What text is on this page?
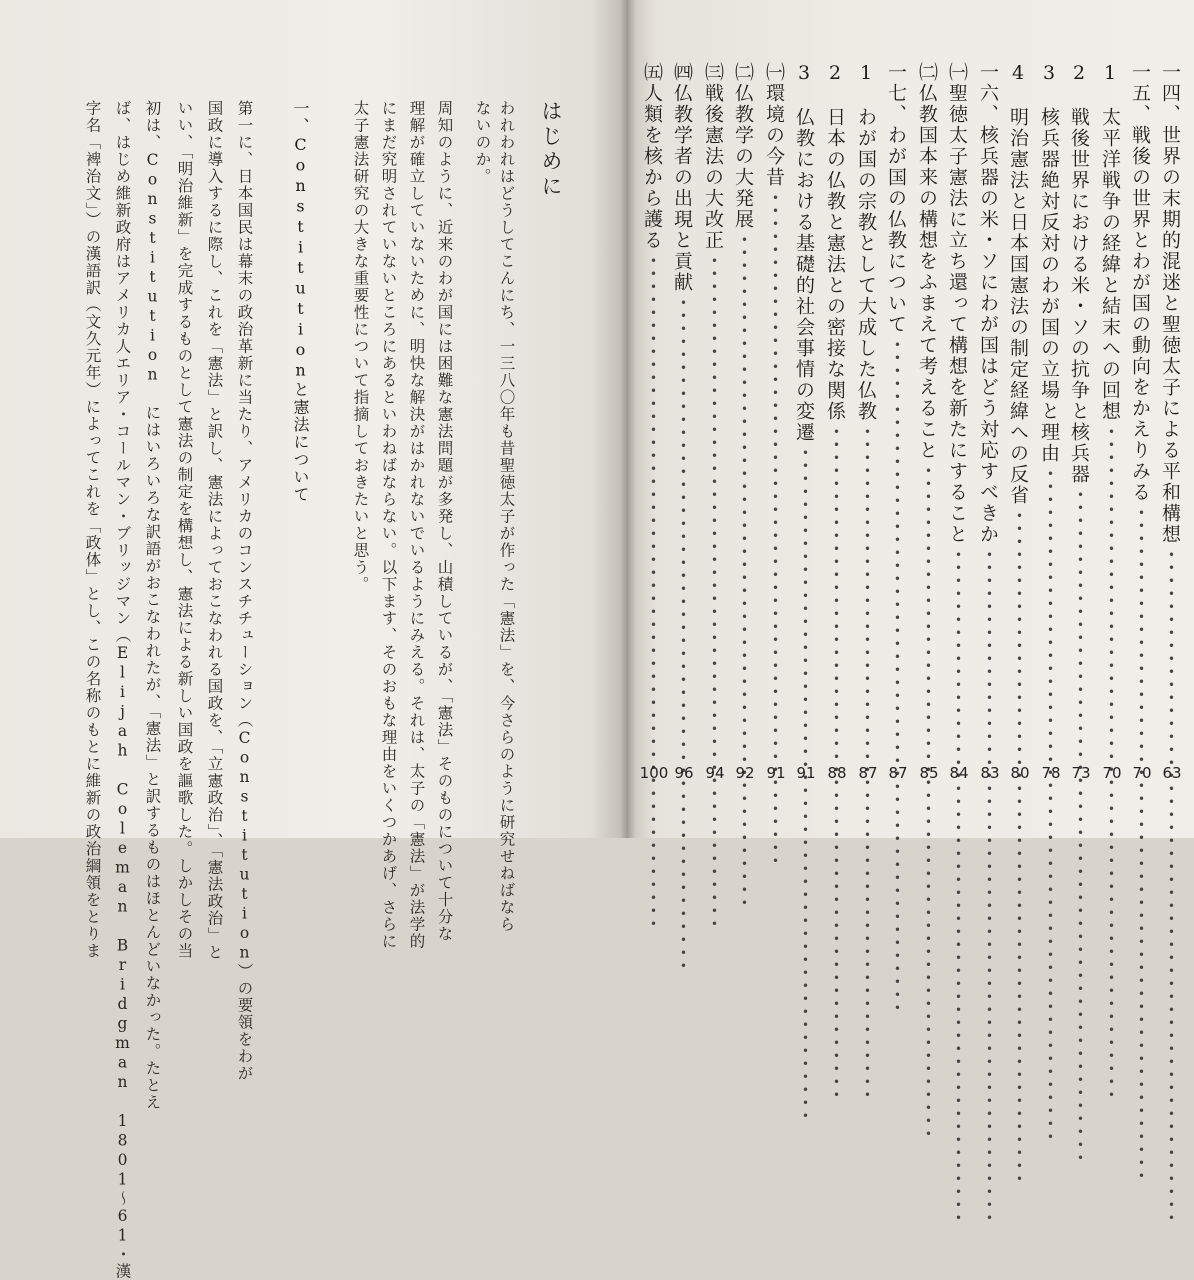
はじめに
われわれはどうしてこんにち、一三八〇年も昔聖徳太子が作った「憲法」を、今さらのように研究せねばなら
ないのか。
周知のように、近来のわが国には困難な憲法問題が多発し、山積しているが、「憲法」そのものについて十分な
理解が確立していないために、明快な解決がはかれないでいるようにみえる。それは、太子の「憲法」が法学的
にまだ究明されていないところにあるといわねばならない。以下ます、そのおもな理由をいくつかあげ、さらに
太子憲法研究の大きな重要性について指摘しておきたいと思う。
一、Constitutionと憲法について
第一に、日本国民は幕末の政治革新に当たり、アメリカのコンスチチューション（Constitution）の要領をわが
国政に導入するに際し、これを「憲法」と訳し、憲法によっておこなわれる国政を、「立憲政治」、「憲法政治」と
いい、「明治維新」を完成するものとして憲法の制定を構想し、憲法による新しい国政を謳歌した。しかしその当
初は、Constitution にはいろいろな訳語がおこなわれたが、「憲法」と訳するものはほとんどいなかった。たとえ
ば、はじめ維新政府はアメリカ人エリア・コールマン・ブリッジマン（Elijah Coleman Bridgman 1801〜61・漢
字名「裨治文」）の漢語訳（文久元年）によってこれを「政体」とし、この名称のもとに維新の政治綱領をとりま	一四、世界の末期的混迷と聖徳太子による平和構想 ・・・・・・・・・・・・・・・・・・・・・・・・・・・・・・・・・・・・・・・・・・・・・・・・・・・・
63
一五、戦後の世界とわが国の動向をかえりみる ・・・・・・・・・・・・・・・・・・・・・・・・・・・・・・・・・・・・・・・・・・・・・・・・・・・・
70
1　太平洋戦争の経緯と結末への回想 ・・・・・・・・・・・・・・・・・・・・・・・・・・・・・・・・・・・・・・・・・・・・・・・・・・・・
70
2　戦後世界における米・ソの抗争と核兵器 ・・・・・・・・・・・・・・・・・・・・・・・・・・・・・・・・・・・・・・・・・・・・・・・・・・・・
73
3　核兵器絶対反対のわが国の立場と理由 ・・・・・・・・・・・・・・・・・・・・・・・・・・・・・・・・・・・・・・・・・・・・・・・・・・・・
78
4　明治憲法と日本国憲法の制定経緯への反省 ・・・・・・・・・・・・・・・・・・・・・・・・・・・・・・・・・・・・・・・・・・・・・・・・・・・・
80
一六、核兵器の米・ソにわが国はどう対応すべきか ・・・・・・・・・・・・・・・・・・・・・・・・・・・・・・・・・・・・・・・・・・・・・・・・・・・・
83
㈠聖徳太子憲法に立ち還って構想を新たにすること ・・・・・・・・・・・・・・・・・・・・・・・・・・・・・・・・・・・・・・・・・・・・・・・・・・・・
84
㈡仏教国本来の構想をふまえて考えること ・・・・・・・・・・・・・・・・・・・・・・・・・・・・・・・・・・・・・・・・・・・・・・・・・・・・
85
一七、わが国の仏教について ・・・・・・・・・・・・・・・・・・・・・・・・・・・・・・・・・・・・・・・・・・・・・・・・・・・・
87
1　わが国の宗教として大成した仏教 ・・・・・・・・・・・・・・・・・・・・・・・・・・・・・・・・・・・・・・・・・・・・・・・・・・・・
87
2　日本の仏教と憲法との密接な関係 ・・・・・・・・・・・・・・・・・・・・・・・・・・・・・・・・・・・・・・・・・・・・・・・・・・・・
88
3　仏教における基礎的社会事情の変遷 ・・・・・・・・・・・・・・・・・・・・・・・・・・・・・・・・・・・・・・・・・・・・・・・・・・・・
91
㈠環境の今昔 ・・・・・・・・・・・・・・・・・・・・・・・・・・・・・・・・・・・・・・・・・・・・・・・・・・・・
91
㈡仏教学の大発展 ・・・・・・・・・・・・・・・・・・・・・・・・・・・・・・・・・・・・・・・・・・・・・・・・・・・・
92
㈢戦後憲法の大改正 ・・・・・・・・・・・・・・・・・・・・・・・・・・・・・・・・・・・・・・・・・・・・・・・・・・・・
94
㈣仏教学者の出現と貢献 ・・・・・・・・・・・・・・・・・・・・・・・・・・・・・・・・・・・・・・・・・・・・・・・・・・・・
96
㈤人類を核から護る ・・・・・・・・・・・・・・・・・・・・・・・・・・・・・・・・・・・・・・・・・・・・・・・・・・・・
100
